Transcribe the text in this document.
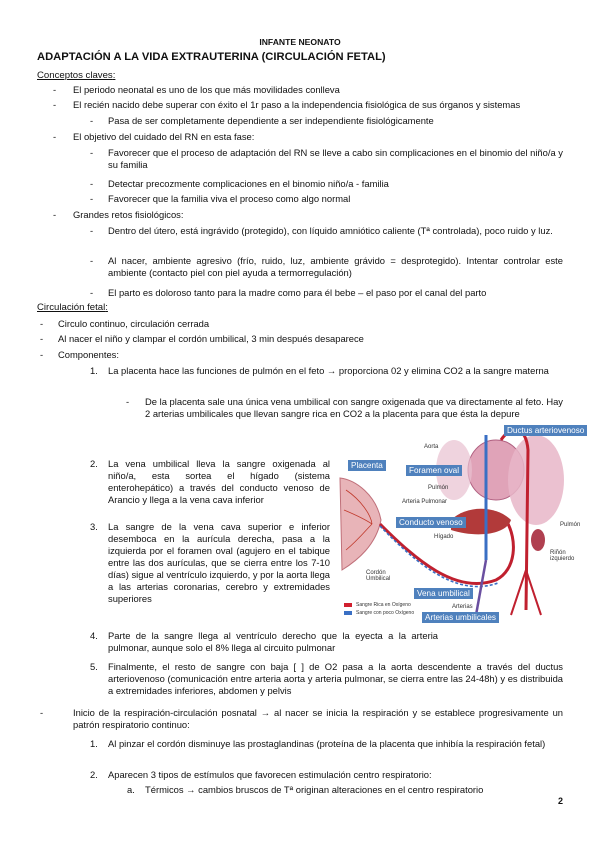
INFANTE NEONATO
ADAPTACIÓN A LA VIDA EXTRAUTERINA (CIRCULACIÓN FETAL)
Conceptos claves:
- El periodo neonatal es uno de los que más movilidades conlleva
- El recién nacido debe superar con éxito el 1r paso a la independencia fisiológica de sus órganos y sistemas
- Pasa de ser completamente dependiente a ser independiente fisiológicamente
- El objetivo del cuidado del RN en esta fase:
- Favorecer que el proceso de adaptación del RN se lleve a cabo sin complicaciones en el binomio del niño/a y su familia
- Detectar precozmente complicaciones en el binomio niño/a - familia
- Favorecer que la familia viva el proceso como algo normal
- Grandes retos fisiológicos:
- Dentro del útero, está ingrávido (protegido), con líquido amniótico caliente (Tª controlada), poco ruido y luz.
- Al nacer, ambiente agresivo (frío, ruido, luz, ambiente grávido = desprotegido). Intentar controlar este ambiente (contacto piel con piel ayuda a termorregulación)
- El parto es doloroso tanto para la madre como para él bebe – el paso por el canal del parto
Circulación fetal:
- Circulo continuo, circulación cerrada
- Al nacer el niño y clampar el cordón umbilical, 3 min después desaparece
- Componentes:
1. La placenta hace las funciones de pulmón en el feto → proporciona 02 y elimina CO2 a la sangre materna
- De la placenta sale una única vena umbilical con sangre oxigenada que va directamente al feto. Hay 2 arterias umbilicales que llevan sangre rica en CO2 a la placenta para que ésta la depure
2. La vena umbilical lleva la sangre oxigenada al niño/a, esta sortea el hígado (sistema enterohepático) a través del conducto venoso de Arancio y llega a la vena cava inferior
3. La sangre de la vena cava superior e inferior desemboca en la aurícula derecha, pasa a la izquierda por el foramen oval (agujero en el tabique entre las dos aurículas, que se cierra entre los 7-10 días) sigue al ventrículo izquierdo, y por la aorta llega a las arterias coronarias, cerebro y extremidades superiores
4. Parte de la sangre llega al ventrículo derecho que la eyecta a la arteria pulmonar, aunque solo el 8% llega al circuito pulmonar
5. Finalmente, el resto de sangre con baja [ ] de O2 pasa a la aorta descendente a través del ductus arteriovenoso (comunicación entre arteria aorta y arteria pulmonar, se cierra entre las 24-48h) y es distribuida a extremidades inferiores, abdomen y pelvis
-	Inicio de la respiración-circulación posnatal → al nacer se inicia la respiración y se establece progresivamente un patrón respiratorio continuo:
1. Al pinzar el cordón disminuye las prostaglandinas (proteína de la placenta que inhibía la respiración fetal)
2. Aparecen 3 tipos de estímulos que favorecen estimulación centro respiratorio:
a. Térmicos → cambios bruscos de Tª originan alteraciones en el centro respiratorio
Ductus arteriovenoso
Placenta
Foramen oval
Conducto venoso
Vena umbilical
Arterias umbilicales
Aorta
Pulmón
Arteria Pulmonar
Hígado
Pulmón
Riñón izquierdo
Cordón Umbilical
Arterias
Sangre Rica en Oxígeno
Sangre con poco Oxígeno
2
